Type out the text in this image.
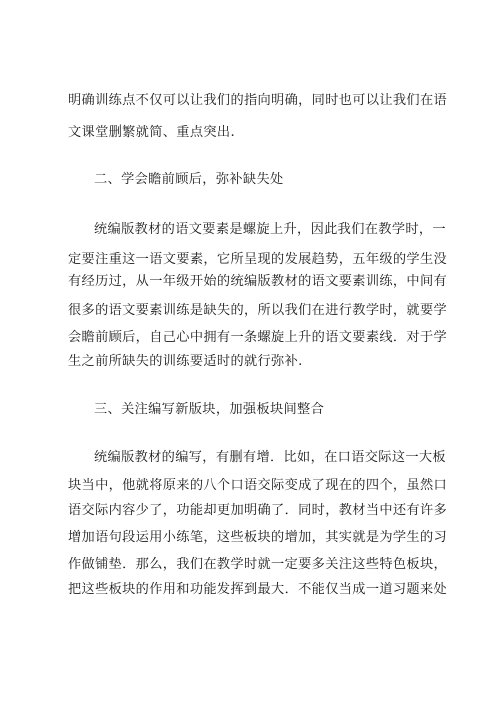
明确训练点不仅可以让我们的指向明确，同时也可以让我们在语
文课堂删繁就简、重点突出.
二、学会瞻前顾后，弥补缺失处
统编版教材的语文要素是螺旋上升，因此我们在教学时，一
定要注重这一语文要素，它所呈现的发展趋势，五年级的学生没
有经历过，从一年级开始的统编版教材的语文要素训练，中间有
很多的语文要素训练是缺失的，所以我们在进行教学时，就要学
会瞻前顾后，自己心中拥有一条螺旋上升的语文要素线．对于学
生之前所缺失的训练要适时的就行弥补.
三、关注编写新版块，加强板块间整合
统编版教材的编写，有删有增．比如，在口语交际这一大板
块当中，他就将原来的八个口语交际变成了现在的四个，虽然口
语交际内容少了，功能却更加明确了．同时，教材当中还有许多
增加语句段运用小练笔，这些板块的增加，其实就是为学生的习
作做铺垫．那么，我们在教学时就一定要多关注这些特色板块，
把这些板块的作用和功能发挥到最大．不能仅当成一道习题来处
